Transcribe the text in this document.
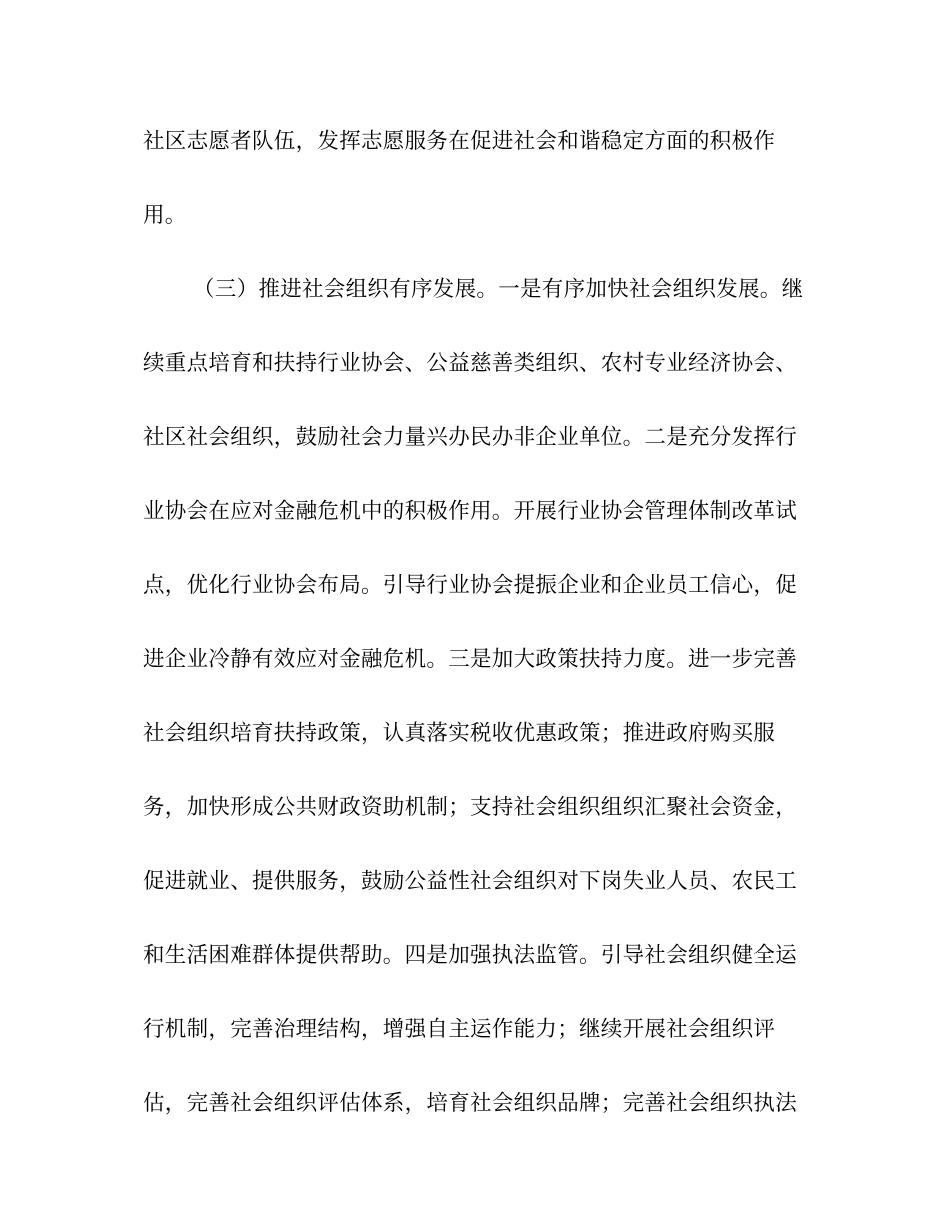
社区志愿者队伍，发挥志愿服务在促进社会和谐稳定方面的积极作
用。
（三）推进社会组织有序发展。一是有序加快社会组织发展。继
续重点培育和扶持行业协会、公益慈善类组织、农村专业经济协会、
社区社会组织，鼓励社会力量兴办民办非企业单位。二是充分发挥行
业协会在应对金融危机中的积极作用。开展行业协会管理体制改革试
点，优化行业协会布局。引导行业协会提振企业和企业员工信心，促
进企业冷静有效应对金融危机。三是加大政策扶持力度。进一步完善
社会组织培育扶持政策，认真落实税收优惠政策；推进政府购买服
务，加快形成公共财政资助机制；支持社会组织组织汇聚社会资金，
促进就业、提供服务，鼓励公益性社会组织对下岗失业人员、农民工
和生活困难群体提供帮助。四是加强执法监管。引导社会组织健全运
行机制，完善治理结构，增强自主运作能力；继续开展社会组织评
估，完善社会组织评估体系，培育社会组织品牌；完善社会组织执法
